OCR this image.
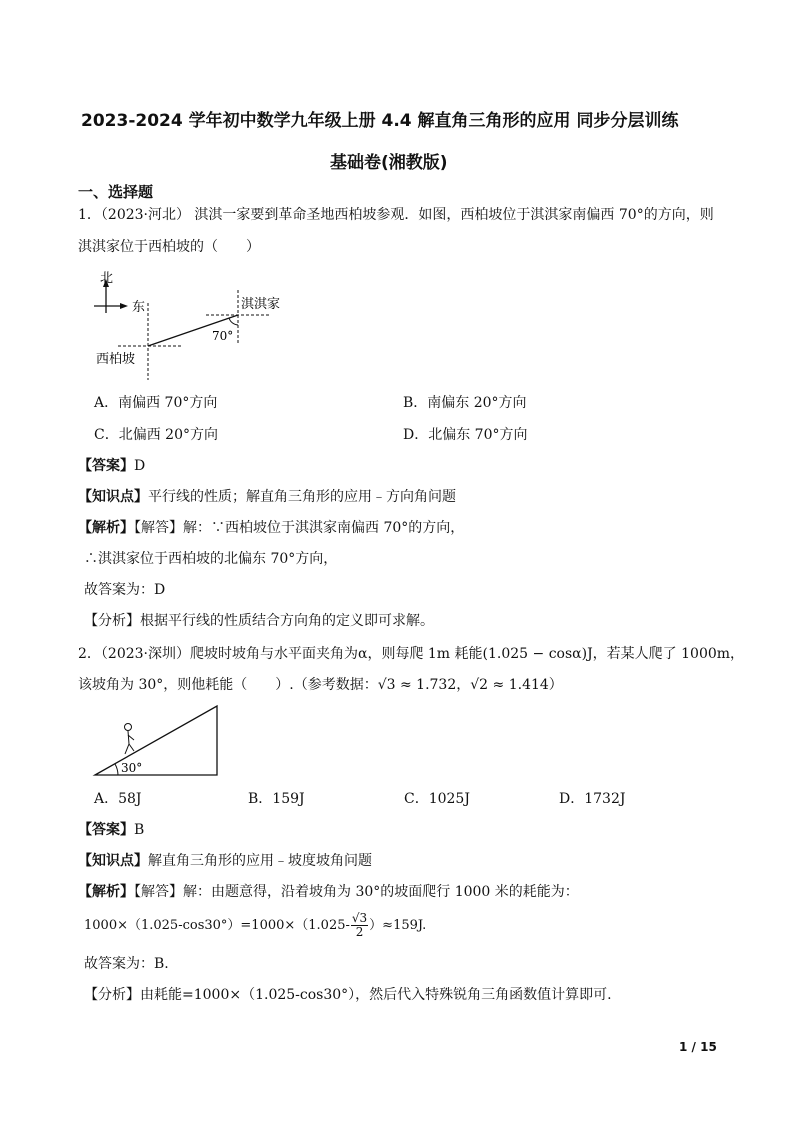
2023-2024 学年初中数学九年级上册 4.4 解直角三角形的应用 同步分层训练
基础卷(湘教版)
一、选择题
1．（2023·河北） 淇淇一家要到革命圣地西柏坡参观．如图，西柏坡位于淇淇家南偏西 70°的方向，则
淇淇家位于西柏坡的（　　）
北
东	淇淇家
西柏坡
70°
A．南偏西 70°方向	B．南偏东 20°方向
C．北偏西 20°方向	D．北偏东 70°方向
【答案】D
【知识点】平行线的性质；解直角三角形的应用﹣方向角问题
【解析】【解答】解：∵西柏坡位于淇淇家南偏西 70°的方向，
∴淇淇家位于西柏坡的北偏东 70°方向，
故答案为：D
【分析】根据平行线的性质结合方向角的定义即可求解。
2．（2023·深圳）爬坡时坡角与水平面夹角为α，则每爬 1m 耗能(1.025 − cosα)J，若某人爬了 1000m，
该坡角为 30°，则他耗能（　　）.（参考数据：√3 ≈ 1.732，√2 ≈ 1.414）
30°
A．58J	B．159J	C．1025J	D．1732J
【答案】B
【知识点】解直角三角形的应用﹣坡度坡角问题
【解析】【解答】解：由题意得，沿着坡角为 30°的坡面爬行 1000 米的耗能为：
$1000\times(1.025-\cos 30^\circ)=1000\times(1.025- \frac{√3}{2} )\approx 159J$.
故答案为：B.
【分析】由耗能=1000×（1.025-cos30°），然后代入特殊锐角三角函数值计算即可.
1 / 15
